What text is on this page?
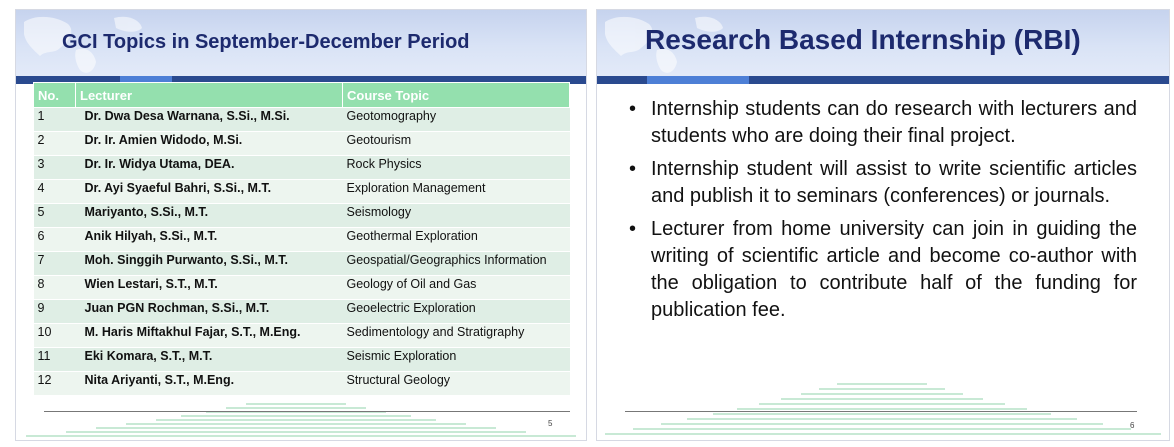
GCI Topics in September-December Period
No.	Lecturer	Course Topic
1	Dr. Dwa Desa Warnana, S.Si., M.Si.	Geotomography
2	Dr. Ir. Amien Widodo, M.Si.	Geotourism
3	Dr. Ir. Widya Utama, DEA.	Rock Physics
4	Dr. Ayi Syaeful Bahri, S.Si., M.T.	Exploration Management
5	Mariyanto, S.Si., M.T.	Seismology
6	Anik Hilyah, S.Si., M.T.	Geothermal Exploration
7	Moh. Singgih Purwanto, S.Si., M.T.	Geospatial/Geographics Information
8	Wien Lestari, S.T., M.T.	Geology of Oil and Gas
9	Juan PGN Rochman, S.Si., M.T.	Geoelectric Exploration
10	M. Haris Miftakhul Fajar, S.T., M.Eng.	Sedimentology and Stratigraphy
11	Eki Komara, S.T., M.T.	Seismic Exploration
12	Nita Ariyanti, S.T., M.Eng.	Structural Geology
5
Research Based Internship (RBI)
• Internship students can do research with lecturers and students who are doing their final project.
• Internship student will assist to write scientific articles and publish it to seminars (conferences) or journals.
• Lecturer from home university can join in guiding the writing of scientific article and become co-author with the obligation to contribute half of the funding for publication fee.
6
